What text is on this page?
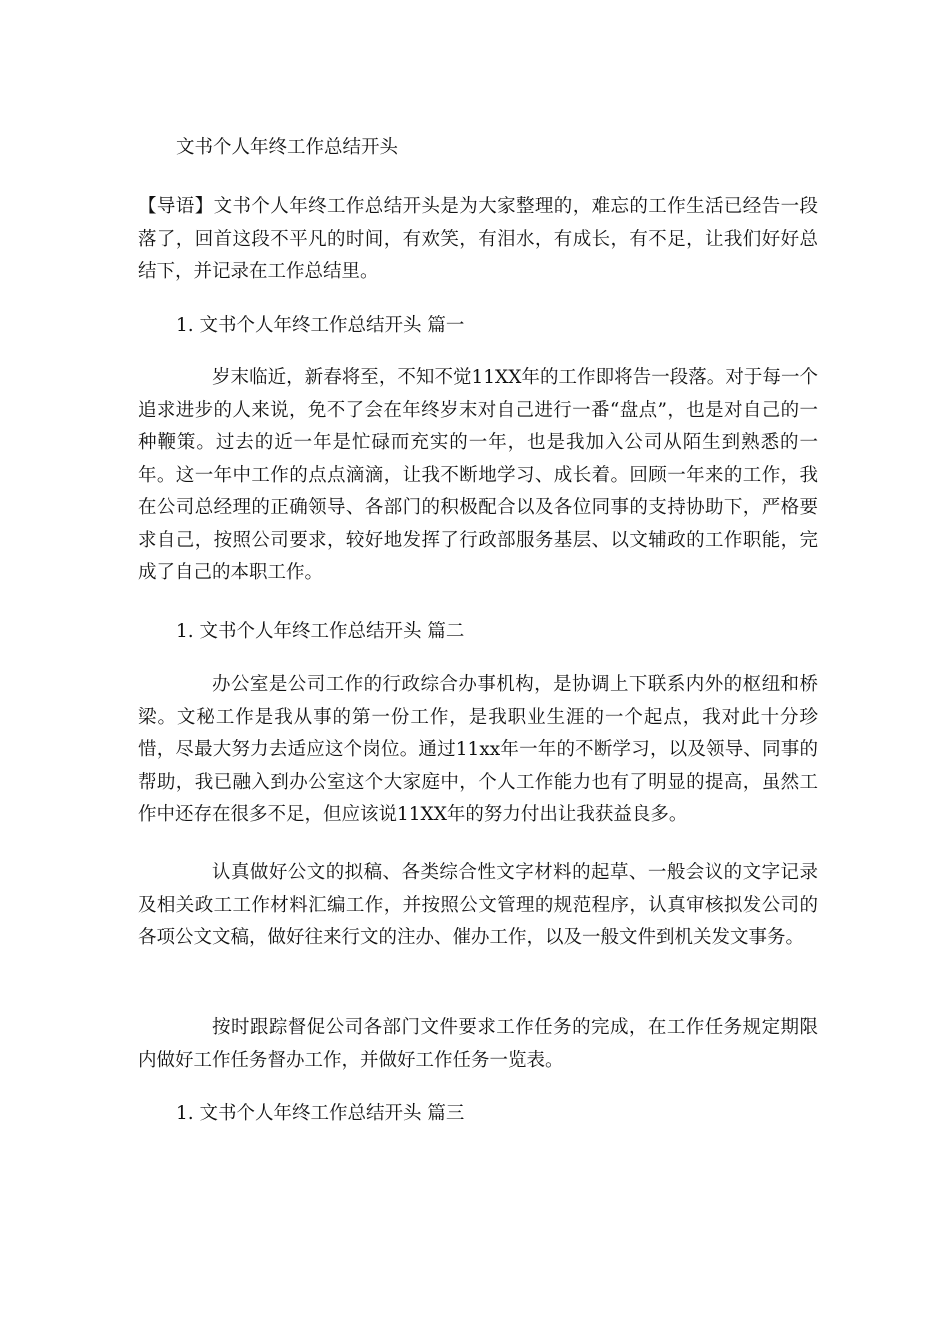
文书个人年终工作总结开头

【导语】文书个人年终工作总结开头是为大家整理的，难忘的工作生活已经告一段落了，回首这段不平凡的时间，有欢笑，有泪水，有成长，有不足，让我们好好总结下，并记录在工作总结里。

1. 文书个人年终工作总结开头 篇一

岁末临近，新春将至，不知不觉11XX年的工作即将告一段落。对于每一个追求进步的人来说，免不了会在年终岁末对自己进行一番“盘点”，也是对自己的一种鞭策。过去的近一年是忙碌而充实的一年，也是我加入公司从陌生到熟悉的一年。这一年中工作的点点滴滴，让我不断地学习、成长着。回顾一年来的工作，我在公司总经理的正确领导、各部门的积极配合以及各位同事的支持协助下，严格要求自己，按照公司要求，较好地发挥了行政部服务基层、以文辅政的工作职能，完成了自己的本职工作。

1. 文书个人年终工作总结开头 篇二

办公室是公司工作的行政综合办事机构，是协调上下联系内外的枢纽和桥梁。文秘工作是我从事的第一份工作，是我职业生涯的一个起点，我对此十分珍惜，尽最大努力去适应这个岗位。通过11xx年一年的不断学习，以及领导、同事的帮助，我已融入到办公室这个大家庭中，个人工作能力也有了明显的提高，虽然工作中还存在很多不足，但应该说11XX年的努力付出让我获益良多。

认真做好公文的拟稿、各类综合性文字材料的起草、一般会议的文字记录及相关政工工作材料汇编工作，并按照公文管理的规范程序，认真审核拟发公司的各项公文文稿，做好往来行文的注办、催办工作，以及一般文件到机关发文事务。

按时跟踪督促公司各部门文件要求工作任务的完成，在工作任务规定期限内做好工作任务督办工作，并做好工作任务一览表。

1. 文书个人年终工作总结开头 篇三
